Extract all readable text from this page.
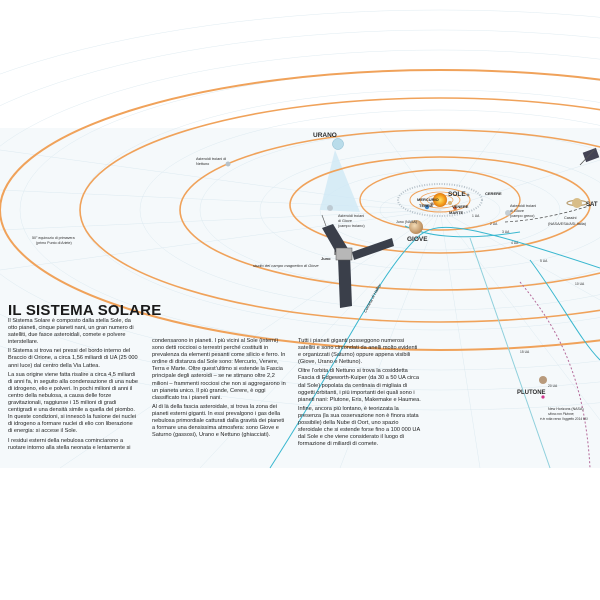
1 UA
2 UA
3 UA
4 UA
5 UA
10 UA
15 UA
20 UA
URANO
SOLE	CERERE
MERCURIO
TERRA	VENERE
MARTE
GIOVE
Juno (NASA)
Juno
studio del campo magnetico di Giove
Cometa di Halley
PLUTONE
SAT
Asteroidi troiani di
Nettuno
Asteroidi troiani
di Giove
(campo troiano)
Asteroidi troiani
di Giove
(campo greco)	Cassini
(NASA/ESA/ASI-Italia)
New Horizons (NASA)
sfiora con Plutone,
è in rotta verso l’oggetto 2014 MU
50° equinozio di primavera
(primo Punto di Ariete)
IL SISTEMA SOLARE

Il Sistema Solare è composto dalla stella Sole, da otto pianeti, cinque pianeti nani, un gran numero di satelliti, due fasce asteroidali, comete e polvere interstellare.

Il Sistema si trova nei pressi del bordo interno del Braccio di Orione, a circa 1,56 miliardi di UA (25 000 anni luce) dal centro della Via Lattea.

La sua origine viene fatta risalire a circa 4,5 miliardi di anni fa, in seguito alla condensazione di una nube di idrogeno, elio e polveri. In pochi milioni di anni il centro della nebulosa, a causa delle forze gravitazionali, raggiunse i 15 milioni di gradi centigradi e una densità simile a quella del piombo. In queste condizioni, si innescò la fusione dei nuclei di idrogeno a formare nuclei di elio con liberazione di energia: si accese il Sole.

I residui esterni della nebulosa cominciarono a ruotare intorno alla stella neonata e lentamente si

condensarono in pianeti. I più vicini al Sole (interni) sono detti rocciosi o terrestri perché costituiti in prevalenza da elementi pesanti come silicio e ferro. In ordine di distanza dal Sole sono: Mercurio, Venere, Terra e Marte. Oltre quest’ultimo si estende la Fascia principale degli asteroidi – se ne stimano oltre 2,2 milioni – frammenti rocciosi che non si aggregarono in un pianeta unico. Il più grande, Cerere, è oggi classificato tra i pianeti nani.

Al di là della fascia asteroidale, si trova la zona dei pianeti esterni giganti. In essi prevalgono i gas della nebulosa primordiale catturati dalla gravità dei pianeti a formare una densissima atmosfera: sono Giove e Saturno (gassosi), Urano e Nettuno (ghiacciati).

Tutti i pianeti giganti posseggono numerosi satelliti e sono circondati da anelli molto evidenti e organizzati (Saturno) oppure appena visibili (Giove, Urano e Nettuno).

Oltre l’orbita di Nettuno si trova la cosiddetta Fascia di Edgeworth-Kuiper (da 30 a 50 UA circa dal Sole) popolata da centinaia di migliaia di oggetti orbitanti, i più importanti dei quali sono i pianeti nani: Plutone, Eris, Makemake e Haumea.

Infine, ancora più lontano, è teorizzata la presenza (la sua osservazione non è finora stata possibile) della Nube di Oort, uno spazio sferoidale che si estende forse fino a 100 000 UA dal Sole e che viene considerato il luogo di formazione di miliardi di comete.
